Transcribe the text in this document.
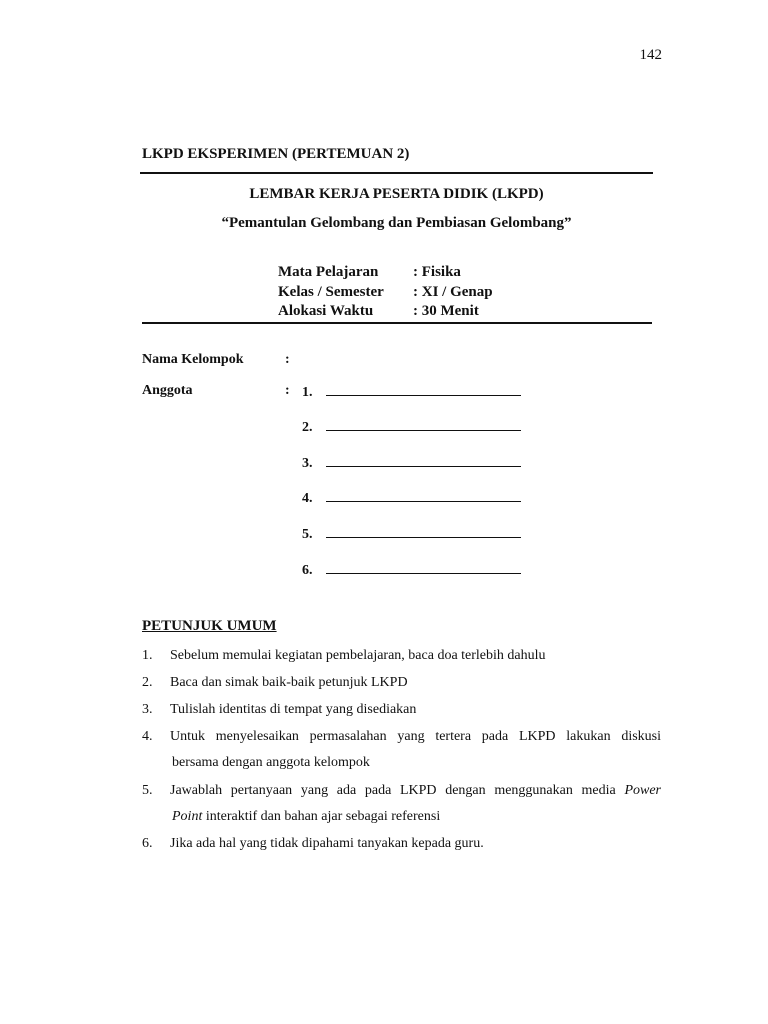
142
LKPD EKSPERIMEN (PERTEMUAN 2)
LEMBAR KERJA PESERTA DIDIK (LKPD)
“Pemantulan Gelombang dan Pembiasan Gelombang”
Mata Pelajaran : Fisika
Kelas / Semester : XI / Genap
Alokasi Waktu	: 30 Menit
Nama Kelompok	:
Anggota	: 1.
2.
3.
4.
5.
6.
PETUNJUK UMUM
1. Sebelum memulai kegiatan pembelajaran, baca doa terlebih dahulu
2. Baca dan simak baik-baik petunjuk LKPD
3. Tulislah identitas di tempat yang disediakan
4.	Untuk menyelesaikan permasalahan yang tertera pada LKPD lakukan diskusi
bersama dengan anggota kelompok
5.	Jawablah pertanyaan yang ada pada LKPD dengan menggunakan media Power
Point interaktif dan bahan ajar sebagai referensi
6. Jika ada hal yang tidak dipahami tanyakan kepada guru.
